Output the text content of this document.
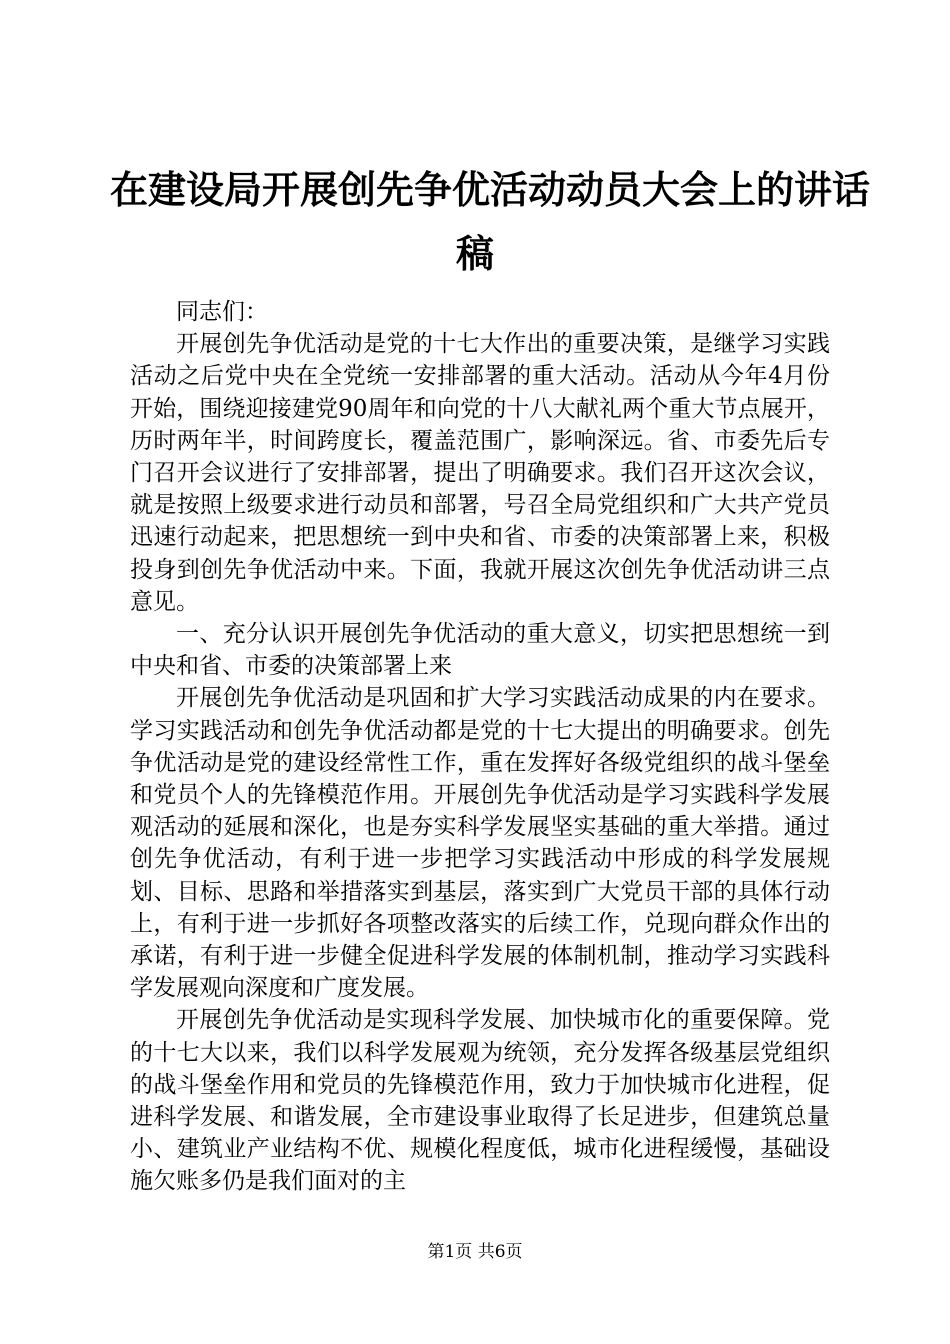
在建设局开展创先争优活动动员大会上的讲话
稿

同志们：

开展创先争优活动是党的十七大作出的重要决策，是继学习实践活动之后党中央在全党统一安排部署的重大活动。活动从今年4月份开始，围绕迎接建党90周年和向党的十八大献礼两个重大节点展开，历时两年半，时间跨度长，覆盖范围广，影响深远。省、市委先后专门召开会议进行了安排部署，提出了明确要求。我们召开这次会议，就是按照上级要求进行动员和部署，号召全局党组织和广大共产党员迅速行动起来，把思想统一到中央和省、市委的决策部署上来，积极投身到创先争优活动中来。下面，我就开展这次创先争优活动讲三点意见。

一、充分认识开展创先争优活动的重大意义，切实把思想统一到中央和省、市委的决策部署上来

开展创先争优活动是巩固和扩大学习实践活动成果的内在要求。学习实践活动和创先争优活动都是党的十七大提出的明确要求。创先争优活动是党的建设经常性工作，重在发挥好各级党组织的战斗堡垒和党员个人的先锋模范作用。开展创先争优活动是学习实践科学发展观活动的延展和深化，也是夯实科学发展坚实基础的重大举措。通过创先争优活动，有利于进一步把学习实践活动中形成的科学发展规划、目标、思路和举措落实到基层，落实到广大党员干部的具体行动上，有利于进一步抓好各项整改落实的后续工作，兑现向群众作出的承诺，有利于进一步健全促进科学发展的体制机制，推动学习实践科学发展观向深度和广度发展。

开展创先争优活动是实现科学发展、加快城市化的重要保障。党的十七大以来，我们以科学发展观为统领，充分发挥各级基层党组织的战斗堡垒作用和党员的先锋模范作用，致力于加快城市化进程，促进科学发展、和谐发展，全市建设事业取得了长足进步，但建筑总量小、建筑业产业结构不优、规模化程度低，城市化进程缓慢，基础设施欠账多仍是我们面对的主

第1页 共6页
